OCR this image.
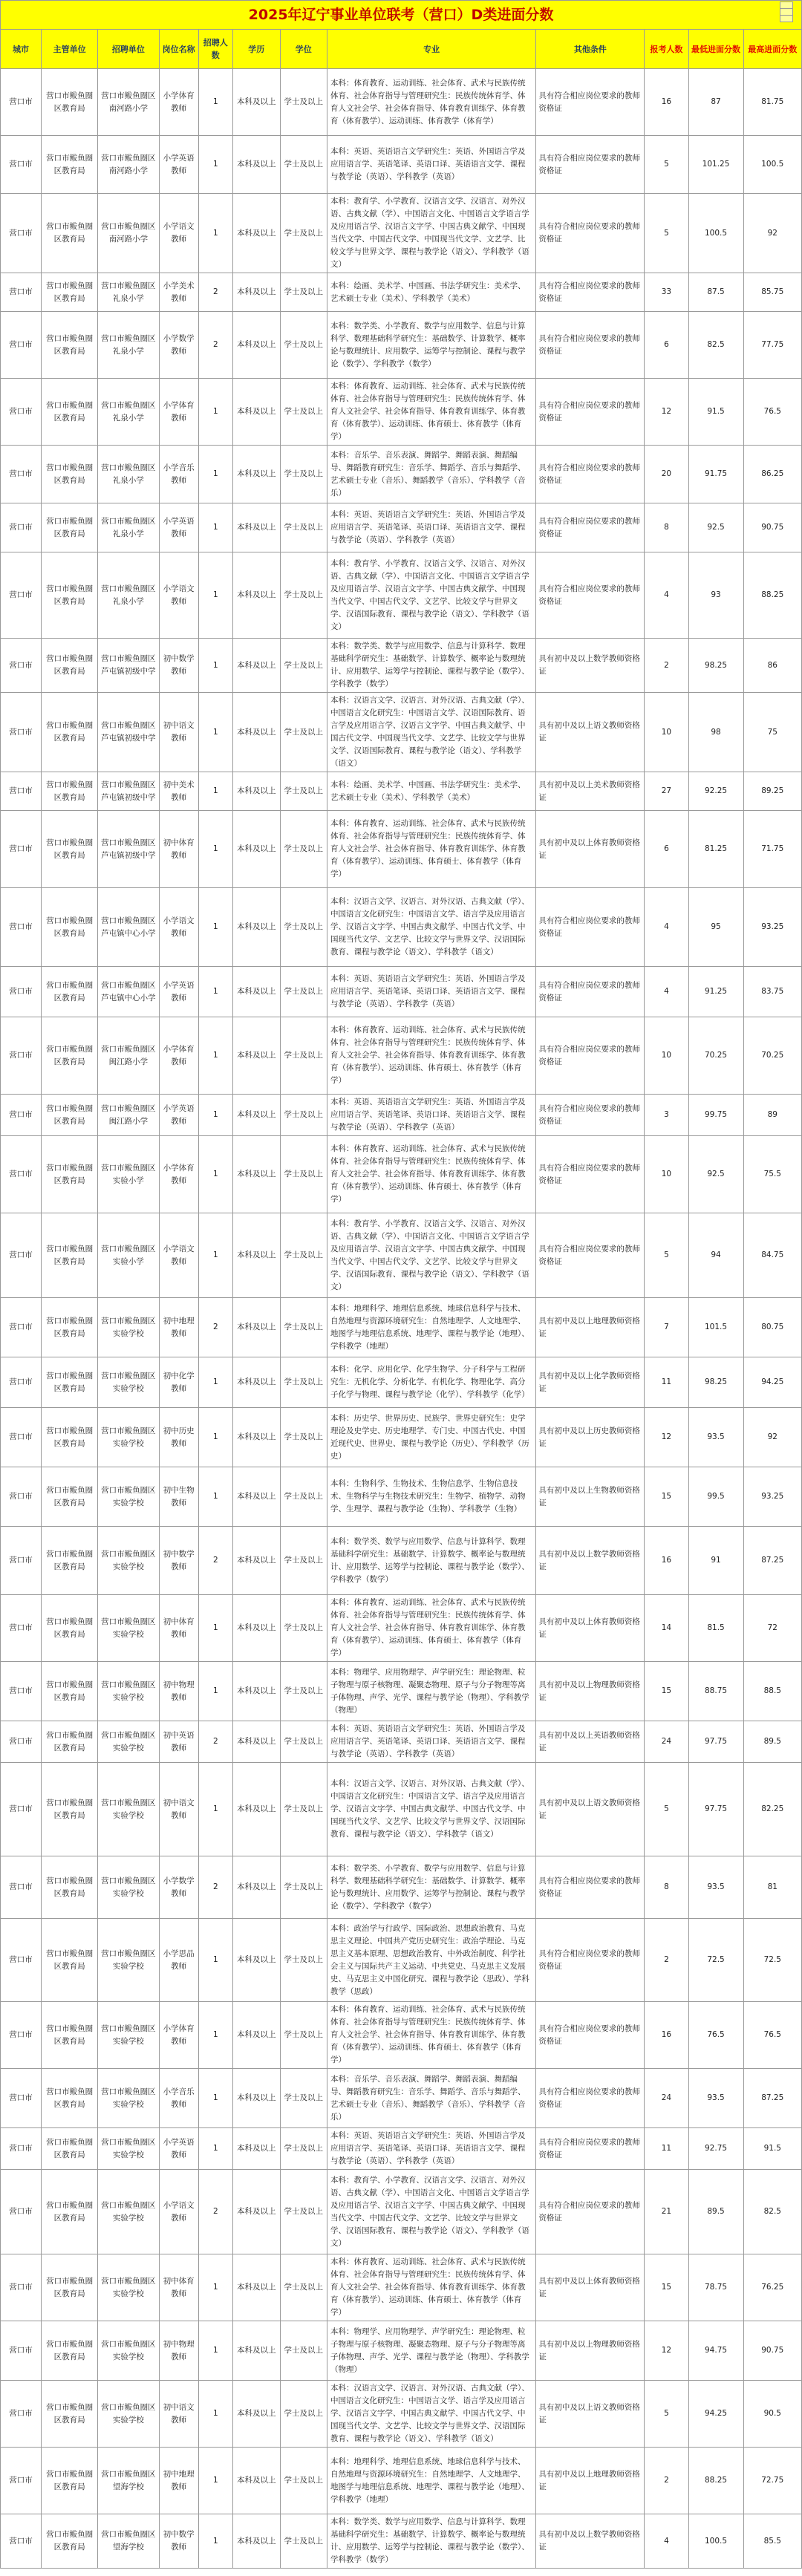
2025年辽宁事业单位联考（营口）D类进面分数											
城市	主管单位	招聘单位	岗位名称	招聘人数	学历	学位	专业	其他条件	报考人数	最低进面分数	最高进面分数
营口市	营口市鲅鱼圈区教育局	营口市鲅鱼圈区南河路小学	小学体育教师	1	本科及以上	学士及以上	本科：体育教育、运动训练、社会体育、武术与民族传统体育、社会体育指导与管理研究生：民族传统体育学、体育人文社会学、社会体育指导、体育教育训练学、体育教育（体育教学）、运动训练、体育教学（体育学）	具有符合相应岗位要求的教师资格证	16	87	81.75
营口市	营口市鲅鱼圈区教育局	营口市鲅鱼圈区南河路小学	小学英语教师	1	本科及以上	学士及以上	本科：英语、英语语言文学研究生：英语、外国语言学及应用语言学、英语笔译、英语口译、英语语言文学、课程与教学论（英语）、学科教学（英语）	具有符合相应岗位要求的教师资格证	5	101.25	100.5
营口市	营口市鲅鱼圈区教育局	营口市鲅鱼圈区南河路小学	小学语文教师	1	本科及以上	学士及以上	本科：教育学、小学教育、汉语言文学、汉语言、对外汉语、古典文献（学）、中国语言文化、中国语言文学语言学及应用语言学、汉语言文字学、中国古典文献学、中国现当代文学、中国古代文学、中国现当代文学、文艺学、比较文学与世界文学、课程与教学论（语文）、学科教学（语文）	具有符合相应岗位要求的教师资格证	5	100.5	92
营口市	营口市鲅鱼圈区教育局	营口市鲅鱼圈区礼泉小学	小学美术教师	2	本科及以上	学士及以上	本科：绘画、美术学、中国画、书法学研究生：美术学、艺术硕士专业（美术）、学科教学（美术）	具有符合相应岗位要求的教师资格证	33	87.5	85.75
营口市	营口市鲅鱼圈区教育局	营口市鲅鱼圈区礼泉小学	小学数学教师	2	本科及以上	学士及以上	本科：数学类、小学教育、数学与应用数学、信息与计算科学、数理基础科学研究生：基础数学、计算数学、概率论与数理统计、应用数学、运筹学与控制论、课程与教学论（数学）、学科教学（数学）	具有符合相应岗位要求的教师资格证	6	82.5	77.75
营口市	营口市鲅鱼圈区教育局	营口市鲅鱼圈区礼泉小学	小学体育教师	1	本科及以上	学士及以上	本科：体育教育、运动训练、社会体育、武术与民族传统体育、社会体育指导与管理研究生：民族传统体育学、体育人文社会学、社会体育指导、体育教育训练学、体育教育（体育教学）、运动训练、体育硕士、体育教学（体育学）	具有符合相应岗位要求的教师资格证	12	91.5	76.5
营口市	营口市鲅鱼圈区教育局	营口市鲅鱼圈区礼泉小学	小学音乐教师	1	本科及以上	学士及以上	本科：音乐学、音乐表演、舞蹈学、舞蹈表演、舞蹈编导、舞蹈教育研究生：音乐学、舞蹈学、音乐与舞蹈学、艺术硕士专业（音乐）、舞蹈教学（音乐）、学科教学（音乐）	具有符合相应岗位要求的教师资格证	20	91.75	86.25
营口市	营口市鲅鱼圈区教育局	营口市鲅鱼圈区礼泉小学	小学英语教师	1	本科及以上	学士及以上	本科：英语、英语语言文学研究生：英语、外国语言学及应用语言学、英语笔译、英语口译、英语语言文学、课程与教学论（英语）、学科教学（英语）	具有符合相应岗位要求的教师资格证	8	92.5	90.75
营口市	营口市鲅鱼圈区教育局	营口市鲅鱼圈区礼泉小学	小学语文教师	1	本科及以上	学士及以上	本科：教育学、小学教育、汉语言文学、汉语言、对外汉语、古典文献（学）、中国语言文化、中国语言文学语言学及应用语言学、汉语言文字学、中国古典文献学、中国现当代文学、中国古代文学、文艺学、比较文学与世界文学、汉语国际教育、课程与教学论（语文）、学科教学（语文）	具有符合相应岗位要求的教师资格证	4	93	88.25
营口市	营口市鲅鱼圈区教育局	营口市鲅鱼圈区芦屯镇初级中学	初中数学教师	1	本科及以上	学士及以上	本科：数学类、数学与应用数学、信息与计算科学、数理基础科学研究生：基础数学、计算数学、概率论与数理统计、应用数学、运筹学与控制论、课程与教学论（数学）、学科教学（数学）	具有初中及以上数学教师资格证	2	98.25	86
营口市	营口市鲅鱼圈区教育局	营口市鲅鱼圈区芦屯镇初级中学	初中语文教师	1	本科及以上	学士及以上	本科：汉语言文学、汉语言、对外汉语、古典文献（学）、中国语言文化研究生：中国语言文学、汉语国际教育、语言学及应用语言学、汉语言文字学、中国古典文献学、中国古代文学、中国现当代文学、文艺学、比较文学与世界文学、汉语国际教育、课程与教学论（语文）、学科教学（语文）	具有初中及以上语文教师资格证	10	98	75
营口市	营口市鲅鱼圈区教育局	营口市鲅鱼圈区芦屯镇初级中学	初中美术教师	1	本科及以上	学士及以上	本科：绘画、美术学、中国画、书法学研究生：美术学、艺术硕士专业（美术）、学科教学（美术）	具有初中及以上美术教师资格证	27	92.25	89.25
营口市	营口市鲅鱼圈区教育局	营口市鲅鱼圈区芦屯镇初级中学	初中体育教师	1	本科及以上	学士及以上	本科：体育教育、运动训练、社会体育、武术与民族传统体育、社会体育指导与管理研究生：民族传统体育学、体育人文社会学、社会体育指导、体育教育训练学、体育教育（体育教学）、运动训练、体育硕士、体育教学（体育学）	具有初中及以上体育教师资格证	6	81.25	71.75
营口市	营口市鲅鱼圈区教育局	营口市鲅鱼圈区芦屯镇中心小学	小学语文教师	1	本科及以上	学士及以上	本科：汉语言文学、汉语言、对外汉语、古典文献（学）、中国语言文化研究生：中国语言文学、语言学及应用语言学、汉语言文字学、中国古典文献学、中国古代文学、中国现当代文学、文艺学、比较文学与世界文学、汉语国际教育、课程与教学论（语文）、学科教学（语文）	具有符合相应岗位要求的教师资格证	4	95	93.25
营口市	营口市鲅鱼圈区教育局	营口市鲅鱼圈区芦屯镇中心小学	小学英语教师	1	本科及以上	学士及以上	本科：英语、英语语言文学研究生：英语、外国语言学及应用语言学、英语笔译、英语口译、英语语言文学、课程与教学论（英语）、学科教学（英语）	具有符合相应岗位要求的教师资格证	4	91.25	83.75
营口市	营口市鲅鱼圈区教育局	营口市鲅鱼圈区闽江路小学	小学体育教师	1	本科及以上	学士及以上	本科：体育教育、运动训练、社会体育、武术与民族传统体育、社会体育指导与管理研究生：民族传统体育学、体育人文社会学、社会体育指导、体育教育训练学、体育教育（体育教学）、运动训练、体育硕士、体育教学（体育学）	具有符合相应岗位要求的教师资格证	10	70.25	70.25
营口市	营口市鲅鱼圈区教育局	营口市鲅鱼圈区闽江路小学	小学英语教师	1	本科及以上	学士及以上	本科：英语、英语语言文学研究生：英语、外国语言学及应用语言学、英语笔译、英语口译、英语语言文学、课程与教学论（英语）、学科教学（英语）	具有符合相应岗位要求的教师资格证	3	99.75	89
营口市	营口市鲅鱼圈区教育局	营口市鲅鱼圈区实验小学	小学体育教师	1	本科及以上	学士及以上	本科：体育教育、运动训练、社会体育、武术与民族传统体育、社会体育指导与管理研究生：民族传统体育学、体育人文社会学、社会体育指导、体育教育训练学、体育教育（体育教学）、运动训练、体育硕士、体育教学（体育学）	具有符合相应岗位要求的教师资格证	10	92.5	75.5
营口市	营口市鲅鱼圈区教育局	营口市鲅鱼圈区实验小学	小学语文教师	1	本科及以上	学士及以上	本科：教育学、小学教育、汉语言文学、汉语言、对外汉语、古典文献（学）、中国语言文化、中国语言文学语言学及应用语言学、汉语言文字学、中国古典文献学、中国现当代文学、中国古代文学、文艺学、比较文学与世界文学、汉语国际教育、课程与教学论（语文）、学科教学（语文）	具有符合相应岗位要求的教师资格证	5	94	84.75
营口市	营口市鲅鱼圈区教育局	营口市鲅鱼圈区实验学校	初中地理教师	2	本科及以上	学士及以上	本科：地理科学、地理信息系统、地球信息科学与技术、自然地理与资源环境研究生：自然地理学、人文地理学、地图学与地理信息系统、地理学、课程与教学论（地理）、学科教学（地理）	具有初中及以上地理教师资格证	7	101.5	80.75
营口市	营口市鲅鱼圈区教育局	营口市鲅鱼圈区实验学校	初中化学教师	1	本科及以上	学士及以上	本科：化学、应用化学、化学生物学、分子科学与工程研究生：无机化学、分析化学、有机化学、物理化学、高分子化学与物理、课程与教学论（化学）、学科教学（化学）	具有初中及以上化学教师资格证	11	98.25	94.25
营口市	营口市鲅鱼圈区教育局	营口市鲅鱼圈区实验学校	初中历史教师	1	本科及以上	学士及以上	本科：历史学、世界历史、民族学、世界史研究生：史学理论及史学史、历史地理学、专门史、中国古代史、中国近现代史、世界史、课程与教学论（历史）、学科教学（历史）	具有初中及以上历史教师资格证	12	93.5	92
营口市	营口市鲅鱼圈区教育局	营口市鲅鱼圈区实验学校	初中生物教师	1	本科及以上	学士及以上	本科：生物科学、生物技术、生物信息学、生物信息技术、生物科学与生物技术研究生：生物学、植物学、动物学、生理学、课程与教学论（生物）、学科教学（生物）	具有初中及以上生物教师资格证	15	99.5	93.25
营口市	营口市鲅鱼圈区教育局	营口市鲅鱼圈区实验学校	初中数学教师	2	本科及以上	学士及以上	本科：数学类、数学与应用数学、信息与计算科学、数理基础科学研究生：基础数学、计算数学、概率论与数理统计、应用数学、运筹学与控制论、课程与教学论（数学）、学科教学（数学）	具有初中及以上数学教师资格证	16	91	87.25
营口市	营口市鲅鱼圈区教育局	营口市鲅鱼圈区实验学校	初中体育教师	1	本科及以上	学士及以上	本科：体育教育、运动训练、社会体育、武术与民族传统体育、社会体育指导与管理研究生：民族传统体育学、体育人文社会学、社会体育指导、体育教育训练学、体育教育（体育教学）、运动训练、体育硕士、体育教学（体育学）	具有初中及以上体育教师资格证	14	81.5	72
营口市	营口市鲅鱼圈区教育局	营口市鲅鱼圈区实验学校	初中物理教师	1	本科及以上	学士及以上	本科：物理学、应用物理学、声学研究生：理论物理、粒子物理与原子核物理、凝聚态物理、原子与分子物理等离子体物理、声学、光学、课程与教学论（物理）、学科教学（物理）	具有初中及以上物理教师资格证	15	88.75	88.5
营口市	营口市鲅鱼圈区教育局	营口市鲅鱼圈区实验学校	初中英语教师	2	本科及以上	学士及以上	本科：英语、英语语言文学研究生：英语、外国语言学及应用语言学、英语笔译、英语口译、英语语言文学、课程与教学论（英语）、学科教学（英语）	具有初中及以上英语教师资格证	24	97.75	89.5
营口市	营口市鲅鱼圈区教育局	营口市鲅鱼圈区实验学校	初中语文教师	1	本科及以上	学士及以上	本科：汉语言文学、汉语言、对外汉语、古典文献（学）、中国语言文化研究生：中国语言文学、语言学及应用语言学、汉语言文字学、中国古典文献学、中国古代文学、中国现当代文学、文艺学、比较文学与世界文学、汉语国际教育、课程与教学论（语文）、学科教学（语文）	具有初中及以上语文教师资格证	5	97.75	82.25
营口市	营口市鲅鱼圈区教育局	营口市鲅鱼圈区实验学校	小学数学教师	2	本科及以上	学士及以上	本科：数学类、小学教育、数学与应用数学、信息与计算科学、数理基础科学研究生：基础数学、计算数学、概率论与数理统计、应用数学、运筹学与控制论、课程与教学论（数学）、学科教学（数学）	具有符合相应岗位要求的教师资格证	8	93.5	81
营口市	营口市鲅鱼圈区教育局	营口市鲅鱼圈区实验学校	小学思品教师	1	本科及以上	学士及以上	本科：政治学与行政学、国际政治、思想政治教育、马克思主义理论、中国共产党历史研究生：政治学理论、马克思主义基本原理、思想政治教育、中外政治制度、科学社会主义与国际共产主义运动、中共党史、马克思主义发展史、马克思主义中国化研究、课程与教学论（思政）、学科教学（思政）	具有符合相应岗位要求的教师资格证	2	72.5	72.5
营口市	营口市鲅鱼圈区教育局	营口市鲅鱼圈区实验学校	小学体育教师	1	本科及以上	学士及以上	本科：体育教育、运动训练、社会体育、武术与民族传统体育、社会体育指导与管理研究生：民族传统体育学、体育人文社会学、社会体育指导、体育教育训练学、体育教育（体育教学）、运动训练、体育硕士、体育教学（体育学）	具有符合相应岗位要求的教师资格证	16	76.5	76.5
营口市	营口市鲅鱼圈区教育局	营口市鲅鱼圈区实验学校	小学音乐教师	1	本科及以上	学士及以上	本科：音乐学、音乐表演、舞蹈学、舞蹈表演、舞蹈编导、舞蹈教育研究生：音乐学、舞蹈学、音乐与舞蹈学、艺术硕士专业（音乐）、舞蹈教学（音乐）、学科教学（音乐）	具有符合相应岗位要求的教师资格证	24	93.5	87.25
营口市	营口市鲅鱼圈区教育局	营口市鲅鱼圈区实验学校	小学英语教师	1	本科及以上	学士及以上	本科：英语、英语语言文学研究生：英语、外国语言学及应用语言学、英语笔译、英语口译、英语语言文学、课程与教学论（英语）、学科教学（英语）	具有符合相应岗位要求的教师资格证	11	92.75	91.5
营口市	营口市鲅鱼圈区教育局	营口市鲅鱼圈区实验学校	小学语文教师	2	本科及以上	学士及以上	本科：教育学、小学教育、汉语言文学、汉语言、对外汉语、古典文献（学）、中国语言文化、中国语言文学语言学及应用语言学、汉语言文字学、中国古典文献学、中国现当代文学、中国古代文学、文艺学、比较文学与世界文学、汉语国际教育、课程与教学论（语文）、学科教学（语文）	具有符合相应岗位要求的教师资格证	21	89.5	82.5
营口市	营口市鲅鱼圈区教育局	营口市鲅鱼圈区实验学校	初中体育教师	1	本科及以上	学士及以上	本科：体育教育、运动训练、社会体育、武术与民族传统体育、社会体育指导与管理研究生：民族传统体育学、体育人文社会学、社会体育指导、体育教育训练学、体育教育（体育教学）、运动训练、体育硕士、体育教学（体育学）	具有初中及以上体育教师资格证	15	78.75	76.25
营口市	营口市鲅鱼圈区教育局	营口市鲅鱼圈区实验学校	初中物理教师	1	本科及以上	学士及以上	本科：物理学、应用物理学、声学研究生：理论物理、粒子物理与原子核物理、凝聚态物理、原子与分子物理等离子体物理、声学、光学、课程与教学论（物理）、学科教学（物理）	具有初中及以上物理教师资格证	12	94.75	90.75
营口市	营口市鲅鱼圈区教育局	营口市鲅鱼圈区实验学校	初中语文教师	1	本科及以上	学士及以上	本科：汉语言文学、汉语言、对外汉语、古典文献（学）、中国语言文化研究生：中国语言文学、语言学及应用语言学、汉语言文字学、中国古典文献学、中国古代文学、中国现当代文学、文艺学、比较文学与世界文学、汉语国际教育、课程与教学论（语文）、学科教学（语文）	具有初中及以上语文教师资格证	5	94.25	90.5
营口市	营口市鲅鱼圈区教育局	营口市鲅鱼圈区望海学校	初中地理教师	1	本科及以上	学士及以上	本科：地理科学、地理信息系统、地球信息科学与技术、自然地理与资源环境研究生：自然地理学、人文地理学、地图学与地理信息系统、地理学、课程与教学论（地理）、学科教学（地理）	具有初中及以上地理教师资格证	2	88.25	72.75
营口市	营口市鲅鱼圈区教育局	营口市鲅鱼圈区望海学校	初中数学教师	1	本科及以上	学士及以上	本科：数学类、数学与应用数学、信息与计算科学、数理基础科学研究生：基础数学、计算数学、概率论与数理统计、应用数学、运筹学与控制论、课程与教学论（数学）、学科教学（数学）	具有初中及以上数学教师资格证	4	100.5	85.5
